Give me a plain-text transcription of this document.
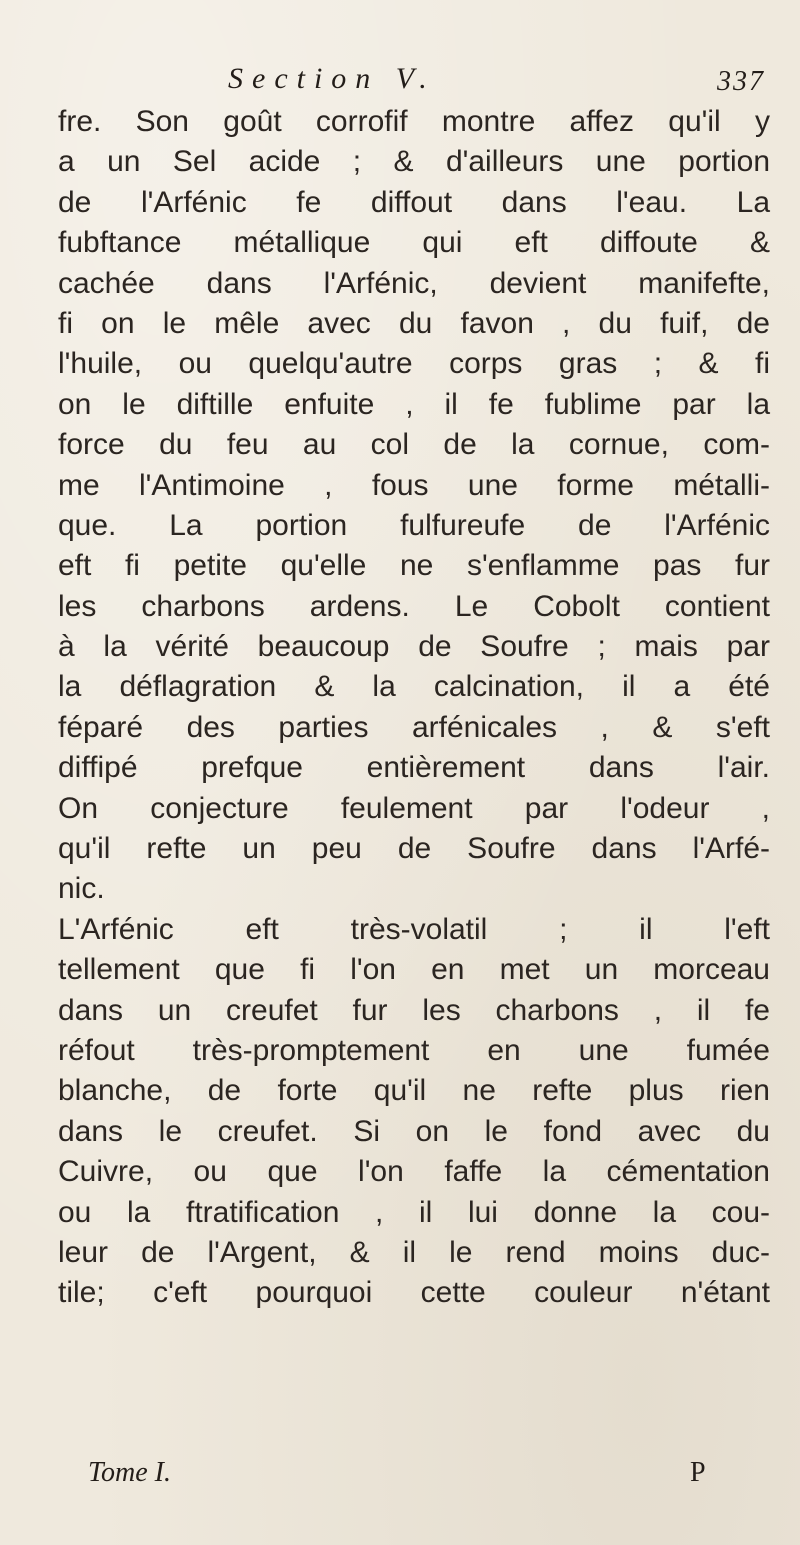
Section V.	337
fre. Son goût corrofif montre affez qu'il y
a un Sel acide ; & d'ailleurs une portion
de l'Arfénic fe diffout dans l'eau. La
fubftance métallique qui eft diffoute &
cachée dans l'Arfénic, devient manifefte,
fi on le mêle avec du favon , du fuif, de
l'huile, ou quelqu'autre corps gras ; & fi
on le diftille enfuite , il fe fublime par la
force du feu au col de la cornue, com-
me l'Antimoine , fous une forme métalli-
que. La portion fulfureufe de l'Arfénic
eft fi petite qu'elle ne s'enflamme pas fur
les charbons ardens. Le Cobolt contient
à la vérité beaucoup de Soufre ; mais par
la déflagration & la calcination, il a été
féparé des parties arfénicales , & s'eft
diffipé prefque entièrement dans l'air.
On conjecture feulement par l'odeur ,
qu'il refte un peu de Soufre dans l'Arfé-
nic.
L'Arfénic eft très-volatil ; il l'eft
tellement que fi l'on en met un morceau
dans un creufet fur les charbons , il fe
réfout très-promptement en une fumée
blanche, de forte qu'il ne refte plus rien
dans le creufet. Si on le fond avec du
Cuivre, ou que l'on faffe la cémentation
ou la ftratification , il lui donne la cou-
leur de l'Argent, & il le rend moins duc-
tile; c'eft pourquoi cette couleur n'étant
Tome I.	P
